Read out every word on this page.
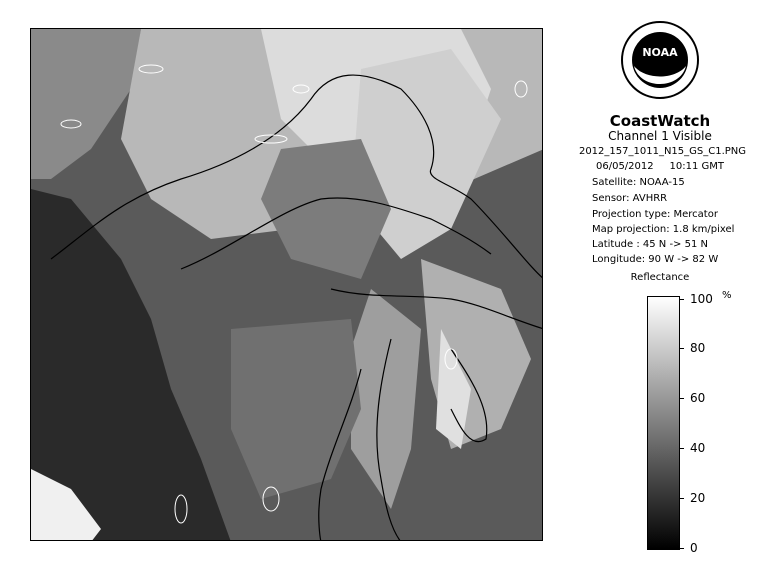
NOAA
CoastWatch
Channel 1 Visible
2012_157_1011_N15_GS_C1.PNG
06/05/2012 10:11 GMT
Satellite: NOAA-15
Sensor: AVHRR
Projection type: Mercator
Map projection: 1.8 km/pixel
Latitude : 45 N -> 51 N
Longitude: 90 W -> 82 W
Reflectance
%
100
80
60
40
20
0
